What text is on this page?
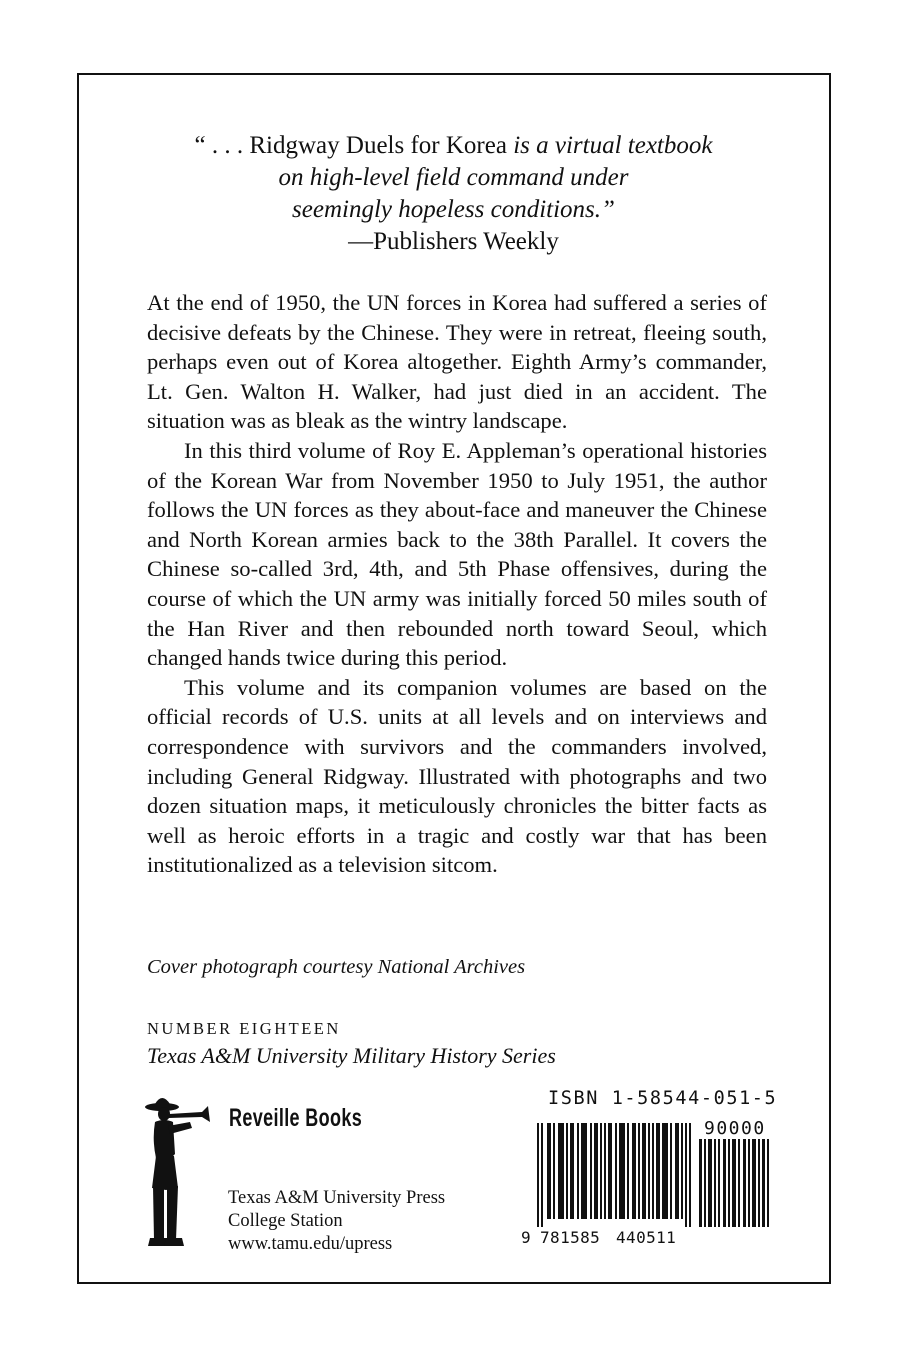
“ . . . Ridgway Duels for Korea is a virtual textbook
on high-level field command under
seemingly hopeless conditions.”
—Publishers Weekly

At the end of 1950, the UN forces in Korea had suffered a series of decisive defeats by the Chinese. They were in retreat, fleeing south, perhaps even out of Korea altogether. Eighth Army’s commander, Lt. Gen. Walton H. Walker, had just died in an accident. The situation was as bleak as the wintry landscape.

In this third volume of Roy E. Appleman’s operational histories of the Korean War from November 1950 to July 1951, the author follows the UN forces as they about-face and maneuver the Chinese and North Korean armies back to the 38th Parallel. It covers the Chinese so-called 3rd, 4th, and 5th Phase offensives, during the course of which the UN army was initially forced 50 miles south of the Han River and then rebounded north toward Seoul, which changed hands twice during this period.

This volume and its companion volumes are based on the official records of U.S. units at all levels and on interviews and correspondence with survivors and the commanders involved, including General Ridgway. Illustrated with photographs and two dozen situation maps, it meticulously chronicles the bitter facts as well as heroic efforts in a tragic and costly war that has been institutionalized as a television sitcom.

Cover photograph courtesy National Archives
NUMBER EIGHTEEN
Texas A&M University Military History Series
Reveille Books
Texas A&M University Press
College Station
www.tamu.edu/upress
ISBN 1-58544-051-5
90000
9 781585 440511
